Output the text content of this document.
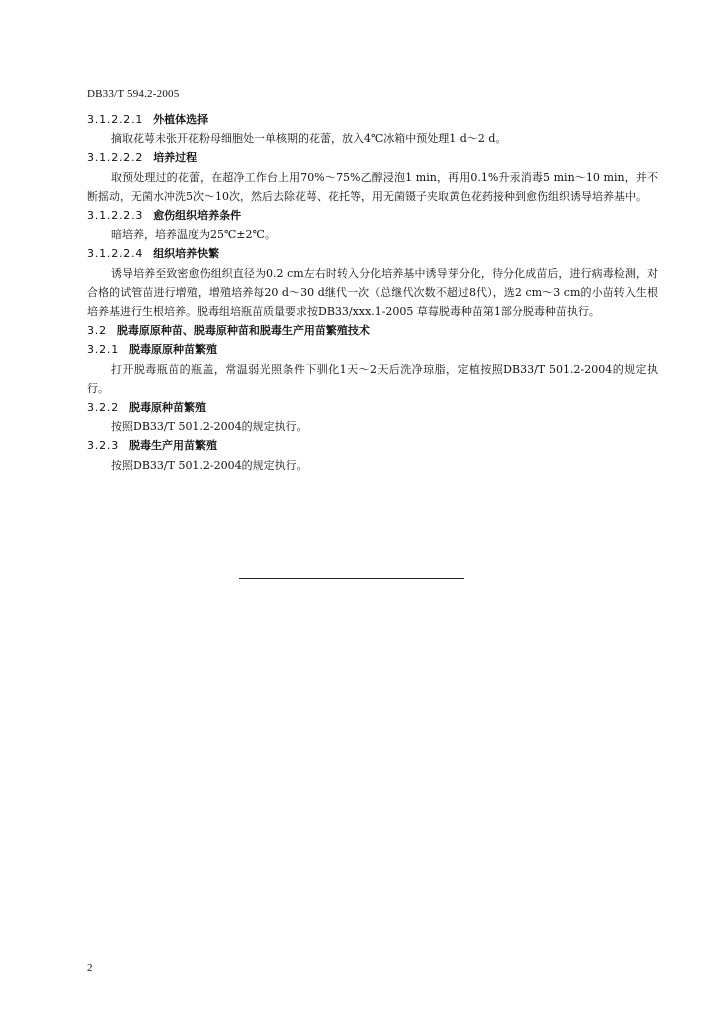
DB33/T 594.2-2005

3.1.2.2.1 外植体选择

摘取花萼未张开花粉母细胞处一单核期的花蕾，放入4℃冰箱中预处理1 d～2 d。

3.1.2.2.2 培养过程

取预处理过的花蕾，在超净工作台上用70%～75%乙醇浸泡1 min，再用0.1%升汞消毒5 min～10 min，并不断摇动，无菌水冲洗5次～10次，然后去除花萼、花托等，用无菌镊子夹取黄色花药接种到愈伤组织诱导培养基中。

3.1.2.2.3 愈伤组织培养条件

暗培养，培养温度为25℃±2℃。

3.1.2.2.4 组织培养快繁

诱导培养至致密愈伤组织直径为0.2 cm左右时转入分化培养基中诱导芽分化，待分化成苗后，进行病毒检测，对合格的试管苗进行增殖，增殖培养每20 d～30 d继代一次（总继代次数不超过8代），选2 cm～3 cm的小苗转入生根培养基进行生根培养。脱毒组培瓶苗质量要求按DB33/xxx.1-2005 草莓脱毒种苗第1部分脱毒种苗执行。

3.2 脱毒原原种苗、脱毒原种苗和脱毒生产用苗繁殖技术

3.2.1 脱毒原原种苗繁殖

打开脱毒瓶苗的瓶盖，常温弱光照条件下驯化1天～2天后洗净琼脂，定植按照DB33/T 501.2-2004的规定执行。

3.2.2 脱毒原种苗繁殖

按照DB33/T 501.2-2004的规定执行。

3.2.3 脱毒生产用苗繁殖

按照DB33/T 501.2-2004的规定执行。

2
